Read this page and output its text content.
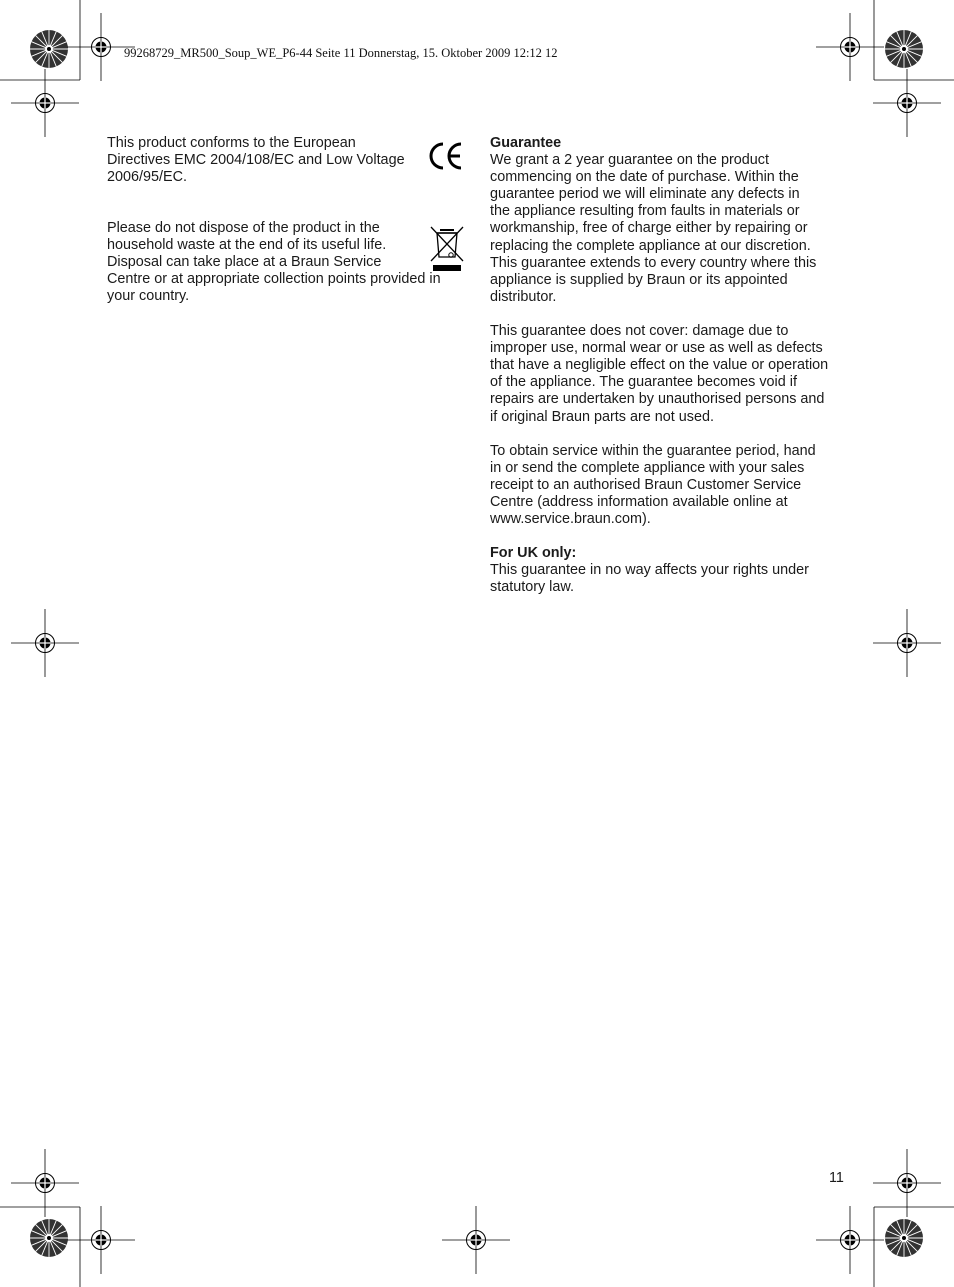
99268729_MR500_Soup_WE_P6-44 Seite 11 Donnerstag, 15. Oktober 2009 12:12 12

This product conforms to the European

Directives EMC 2004/108/EC and Low Voltage

2006/95/EC.

Please do not dispose of the product in the

household waste at the end of its useful life.

Disposal can take place at a Braun Service

Centre or at appropriate collection points provided in

your country.

Guarantee

We grant a 2 year guarantee on the product

commencing on the date of purchase. Within the

guarantee period we will eliminate any defects in

the appliance resulting from faults in materials or

workmanship, free of charge either by repairing or

replacing the complete appliance at our discretion.

This guarantee extends to every country where this

appliance is supplied by Braun or its appointed

distributor.

This guarantee does not cover: damage due to

improper use, normal wear or use as well as defects

that have a negligible effect on the value or operation

of the appliance. The guarantee becomes void if

repairs are undertaken by unauthorised persons and

if original Braun parts are not used.

To obtain service within the guarantee period, hand

in or send the complete appliance with your sales

receipt to an authorised Braun Customer Service

Centre (address information available online at

www.service.braun.com).

For UK only:

This guarantee in no way affects your rights under

statutory law.

11
